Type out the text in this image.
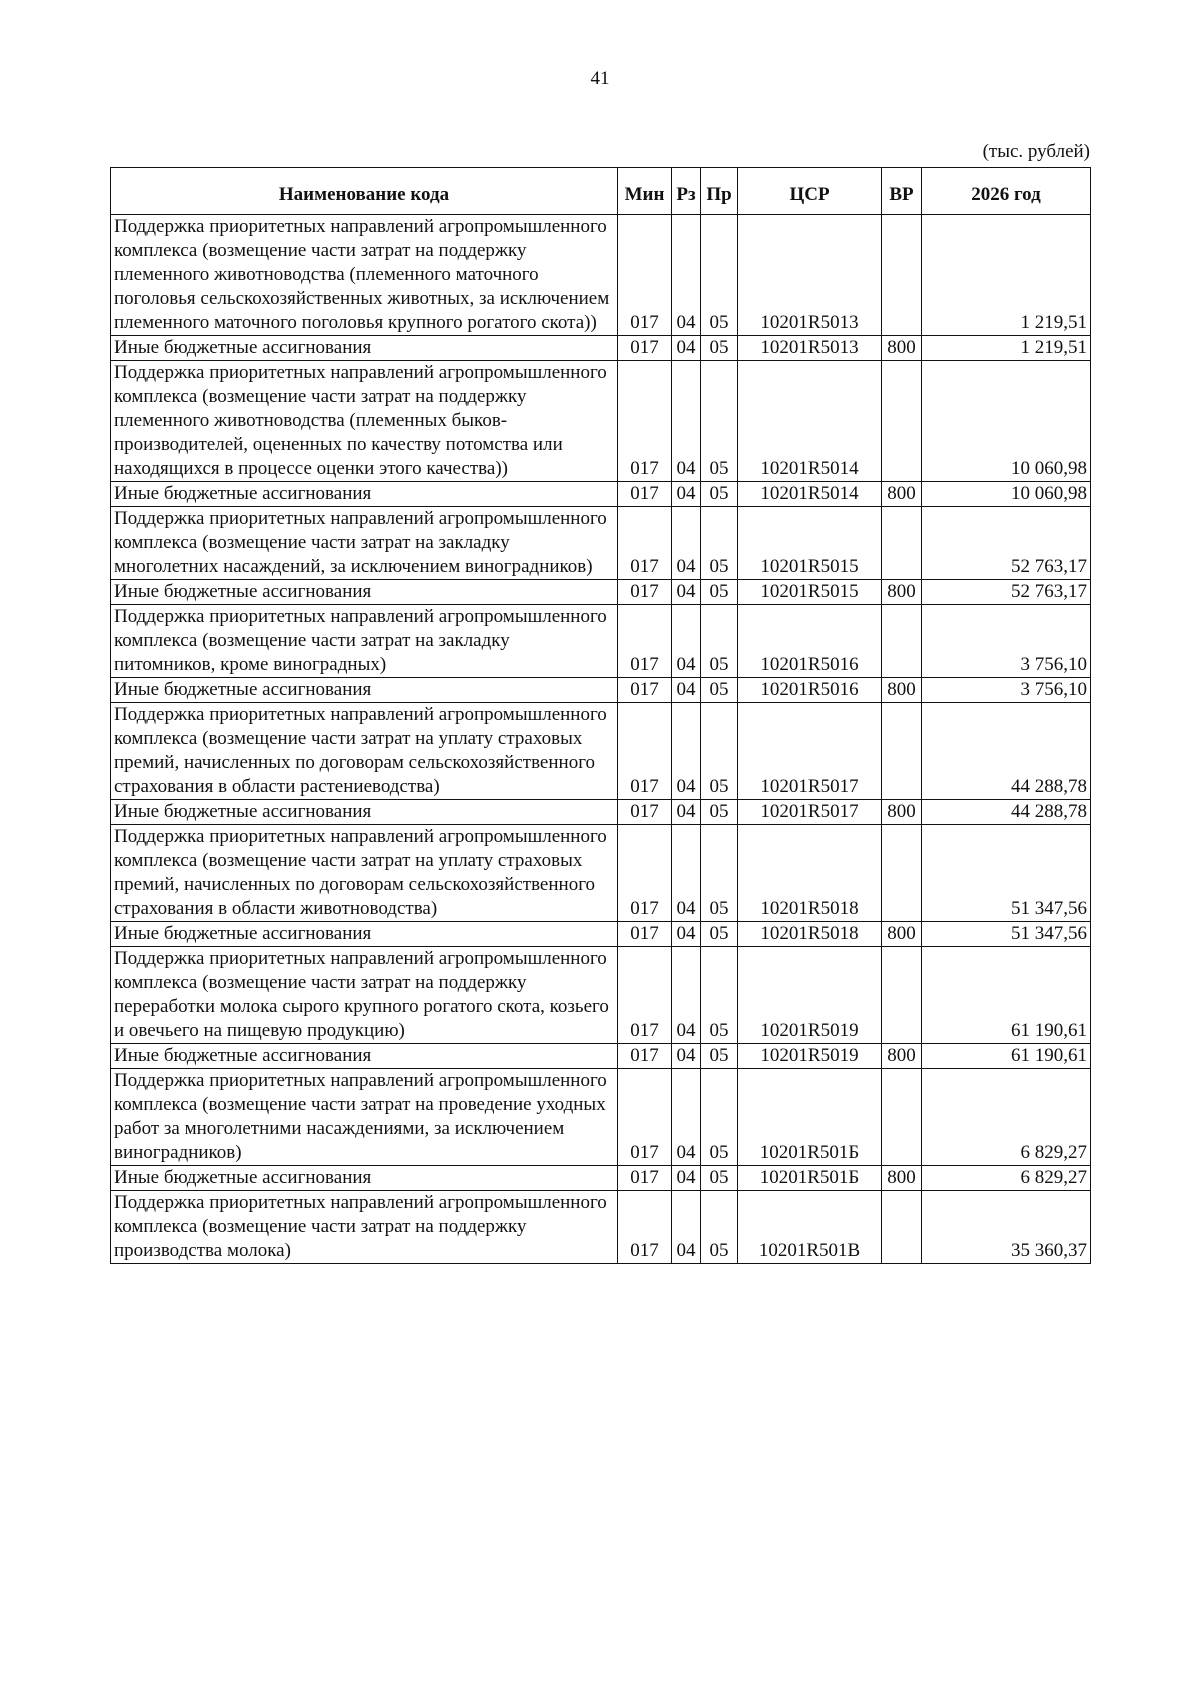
41
(тыс. рублей)
Наименование кода	Мин	Рз	Пр	ЦСР	ВР	2026 год
Поддержка приоритетных направлений агропромышленного комплекса (возмещение части затрат на поддержку племенного животноводства (племенного маточного поголовья сельскохозяйственных животных, за исключением племенного маточного поголовья крупного рогатого скота))	017	04	05	10201R5013		1 219,51
Иные бюджетные ассигнования	017	04	05	10201R5013	800	1 219,51
Поддержка приоритетных направлений агропромышленного комплекса (возмещение части затрат на поддержку племенного животноводства (племенных быков-производителей, оцененных по качеству потомства или находящихся в процессе оценки этого качества))	017	04	05	10201R5014		10 060,98
Иные бюджетные ассигнования	017	04	05	10201R5014	800	10 060,98
Поддержка приоритетных направлений агропромышленного комплекса (возмещение части затрат на закладку многолетних насаждений, за исключением виноградников)	017	04	05	10201R5015		52 763,17
Иные бюджетные ассигнования	017	04	05	10201R5015	800	52 763,17
Поддержка приоритетных направлений агропромышленного комплекса (возмещение части затрат на закладку питомников, кроме виноградных)	017	04	05	10201R5016		3 756,10
Иные бюджетные ассигнования	017	04	05	10201R5016	800	3 756,10
Поддержка приоритетных направлений агропромышленного комплекса (возмещение части затрат на уплату страховых премий, начисленных по договорам сельскохозяйственного страхования в области растениеводства)	017	04	05	10201R5017		44 288,78
Иные бюджетные ассигнования	017	04	05	10201R5017	800	44 288,78
Поддержка приоритетных направлений агропромышленного комплекса (возмещение части затрат на уплату страховых премий, начисленных по договорам сельскохозяйственного страхования в области животноводства)	017	04	05	10201R5018		51 347,56
Иные бюджетные ассигнования	017	04	05	10201R5018	800	51 347,56
Поддержка приоритетных направлений агропромышленного комплекса (возмещение части затрат на поддержку переработки молока сырого крупного рогатого скота, козьего и овечьего на пищевую продукцию)	017	04	05	10201R5019		61 190,61
Иные бюджетные ассигнования	017	04	05	10201R5019	800	61 190,61
Поддержка приоритетных направлений агропромышленного комплекса (возмещение части затрат на проведение уходных работ за многолетними насаждениями, за исключением виноградников)	017	04	05	10201R501Б		6 829,27
Иные бюджетные ассигнования	017	04	05	10201R501Б	800	6 829,27
Поддержка приоритетных направлений агропромышленного комплекса (возмещение части затрат на поддержку производства молока)	017	04	05	10201R501В		35 360,37
